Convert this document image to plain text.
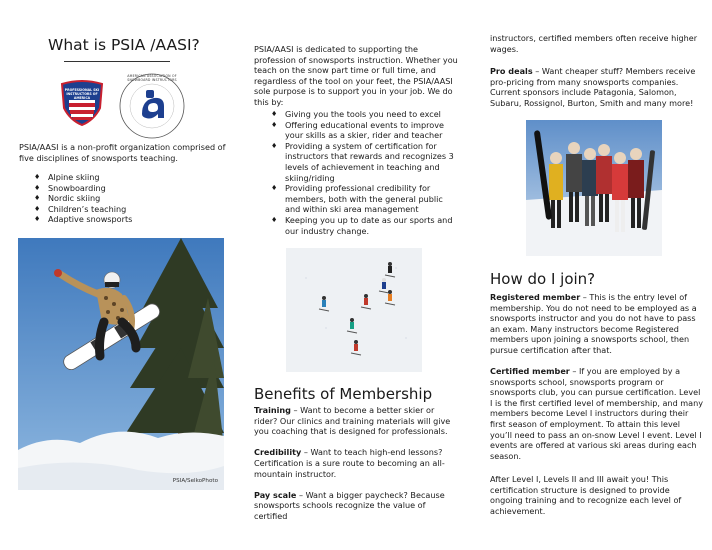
What is PSIA /AASI?
PROFESSIONAL SKI INSTRUCTORS OF AMERICA
AMERICAN ASSOCIATION OF SNOWBOARD INSTRUCTORS

PSIA/AASI is a non-profit organization comprised of five disciplines of snowsports teaching.

♦ Alpine skiing
♦ Snowboarding
♦ Nordic skiing
♦ Children’s teaching
♦ Adaptive snowsports
PSIA/SelkoPhoto

PSIA/AASI is dedicated to supporting the profession of snowsports instruction. Whether you teach on the snow part time or full time, and regardless of the tool on your feet, the PSIA/AASI sole purpose is to support you in your job. We do this by:

♦ Giving you the tools you need to excel
♦ Offering educational events to improve your skills as a skier, rider and teacher
♦ Providing a system of certification for instructors that rewards and recognizes 3 levels of achievement in teaching and skiing/riding
♦ Providing professional credibility for members, both with the general public and within ski area management
♦ Keeping you up to date as our sports and our industry change.
Benefits of Membership

Training – Want to become a better skier or rider? Our clinics and training materials will give you coaching that is designed for professionals.

Credibility – Want to teach high-end lessons? Certification is a sure route to becoming an all-mountain instructor.

Pay scale – Want a bigger paycheck? Because snowsports schools recognize the value of certified

instructors, certified members often receive higher wages.

Pro deals – Want cheaper stuff? Members receive pro-pricing from many snowsports companies. Current sponsors include Patagonia, Salomon, Subaru, Rossignol, Burton, Smith and many more!

How do I join?

Registered member – This is the entry level of membership. You do not need to be employed as a snowsports instructor and you do not have to pass an exam. Many instructors become Registered members upon joining a snowsports school, then pursue certification after that.

Certified member – If you are employed by a snowsports school, snowsports program or snowsports club, you can pursue certification. Level I is the first certified level of membership, and many members become Level I instructors during their first season of employment. To attain this level you’ll need to pass an on-snow Level I event. Level I events are offered at various ski areas during each season.

After Level I, Levels II and III await you! This certification structure is designed to provide ongoing training and to recognize each level of achievement.
